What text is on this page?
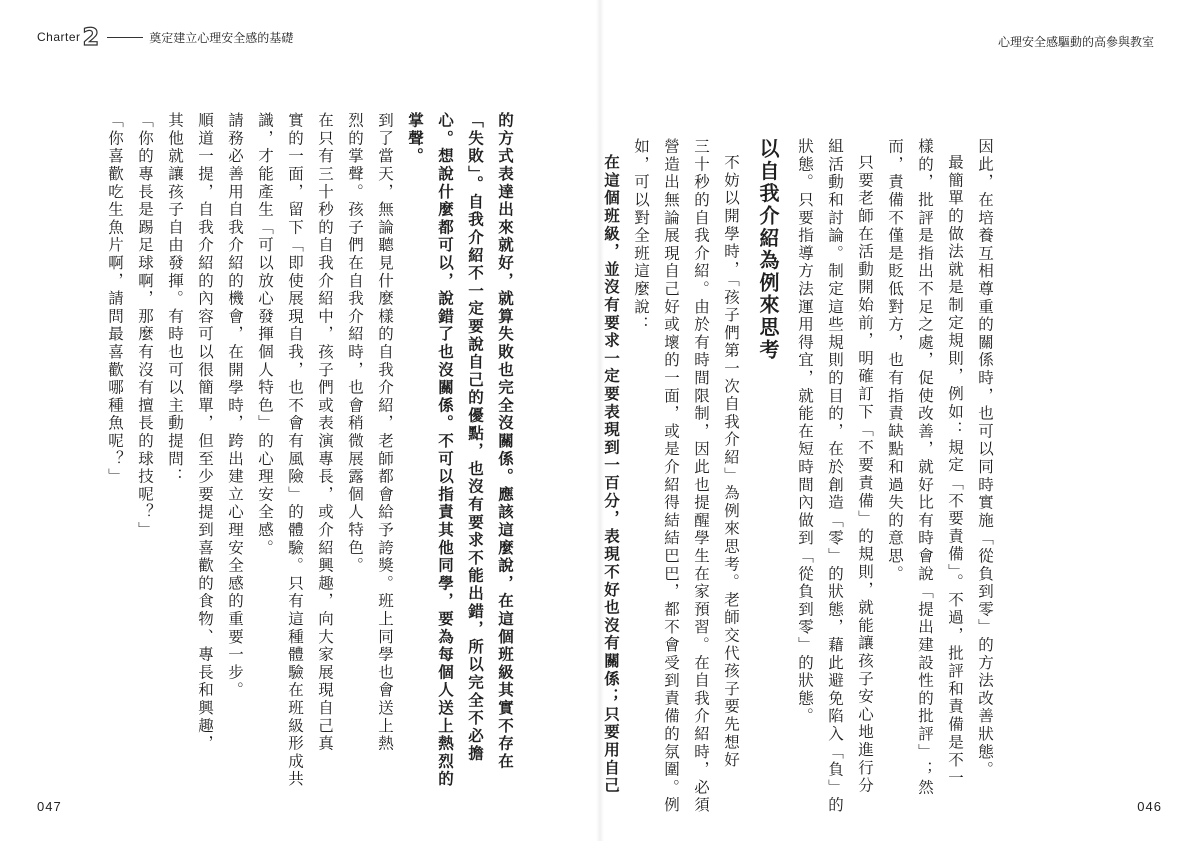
Charter 2	奠定建立心理安全感的基礎

的方式表達出來就好，就算失敗也完全沒關係。應該這麼說，在這個班級其實不存在

「失敗」。自我介紹不一定要說自己的優點，也沒有要求不能出錯，所以完全不必擔

心。想說什麼都可以，說錯了也沒關係。不可以指責其他同學，要為每個人送上熱烈的

掌聲。

到了當天，無論聽見什麼樣的自我介紹，老師都會給予誇獎。班上同學也會送上熱

烈的掌聲。孩子們在自我介紹時，也會稍微展露個人特色。

在只有三十秒的自我介紹中，孩子們或表演專長，或介紹興趣，向大家展現自己真

實的一面，留下「即使展現自我，也不會有風險」的體驗。只有這種體驗在班級形成共

識，才能產生「可以放心發揮個人特色」的心理安全感。

請務必善用自我介紹的機會，在開學時，跨出建立心理安全感的重要一步。

順道一提，自我介紹的內容可以很簡單，但至少要提到喜歡的食物、專長和興趣，

其他就讓孩子自由發揮。有時也可以主動提問：

「你的專長是踢足球啊，那麼有沒有擅長的球技呢？」

「你喜歡吃生魚片啊，請問最喜歡哪種魚呢？」

047
心理安全感驅動的高參與教室
046

因此，在培養互相尊重的關係時，也可以同時實施「從負到零」的方法改善狀態。

最簡單的做法就是制定規則，例如：規定「不要責備」。不過，批評和責備是不一

樣的，批評是指出不足之處，促使改善，就好比有時會說「提出建設性的批評」；然

而，責備不僅是貶低對方，也有指責缺點和過失的意思。

只要老師在活動開始前，明確訂下「不要責備」的規則，就能讓孩子安心地進行分

組活動和討論。制定這些規則的目的，在於創造「零」的狀態，藉此避免陷入「負」的

狀態。只要指導方法運用得宜，就能在短時間內做到「從負到零」的狀態。

以自我介紹為例來思考

不妨以開學時，「孩子們第一次自我介紹」為例來思考。老師交代孩子要先想好

三十秒的自我介紹。由於有時間限制，因此也提醒學生在家預習。在自我介紹時，必須

營造出無論展現自己好或壞的一面，或是介紹得結結巴巴，都不會受到責備的氛圍。例

如，可以對全班這麼說：

在這個班級，並沒有要求一定要表現到一百分，表現不好也沒有關係；只要用自己
